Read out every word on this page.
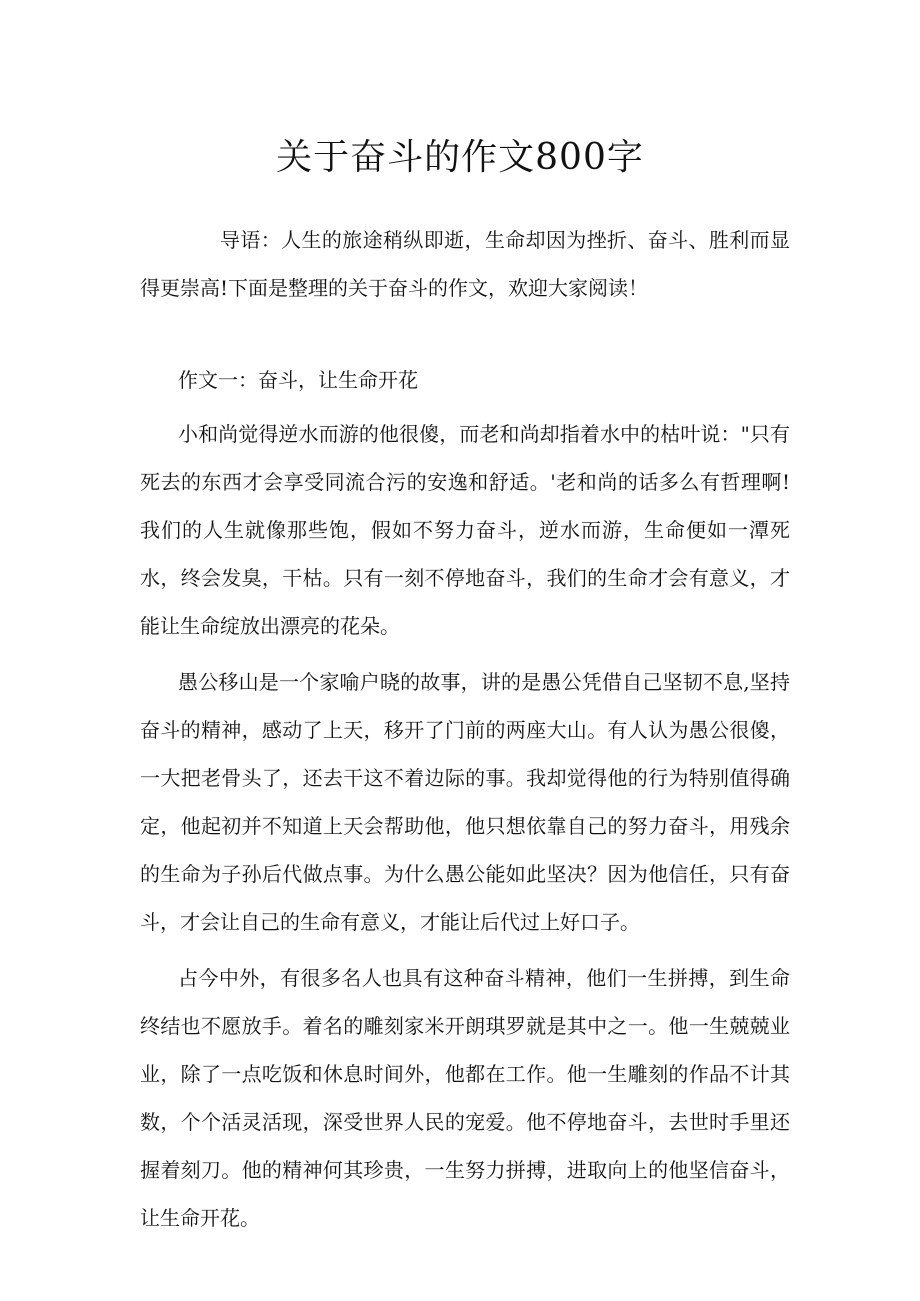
关于奋斗的作文800字

导语：人生的旅途稍纵即逝，生命却因为挫折、奋斗、胜利而显得更崇高!下面是整理的关于奋斗的作文，欢迎大家阅读！

作文一：奋斗，让生命开花

小和尚觉得逆水而游的他很傻，而老和尚却指着水中的枯叶说："只有死去的东西才会享受同流合污的安逸和舒适。'老和尚的话多么有哲理啊!我们的人生就像那些饱，假如不努力奋斗，逆水而游，生命便如一潭死水，终会发臭，干枯。只有一刻不停地奋斗，我们的生命才会有意义，才能让生命绽放出漂亮的花朵。

愚公移山是一个家喻户晓的故事，讲的是愚公凭借自己坚韧不息,坚持奋斗的精神，感动了上天，移开了门前的两座大山。有人认为愚公很傻，一大把老骨头了，还去干这不着边际的事。我却觉得他的行为特别值得确定，他起初并不知道上天会帮助他，他只想依靠自己的努力奋斗，用残余的生命为子孙后代做点事。为什么愚公能如此坚决？因为他信任，只有奋斗，才会让自己的生命有意义，才能让后代过上好口子。

占今中外，有很多名人也具有这种奋斗精神，他们一生拼搏，到生命终结也不愿放手。着名的雕刻家米开朗琪罗就是其中之一。他一生兢兢业业，除了一点吃饭和休息时间外，他都在工作。他一生雕刻的作品不计其数，个个活灵活现，深受世界人民的宠爱。他不停地奋斗，去世时手里还握着刻刀。他的精神何其珍贵，一生努力拼搏，进取向上的他坚信奋斗，让生命开花。
